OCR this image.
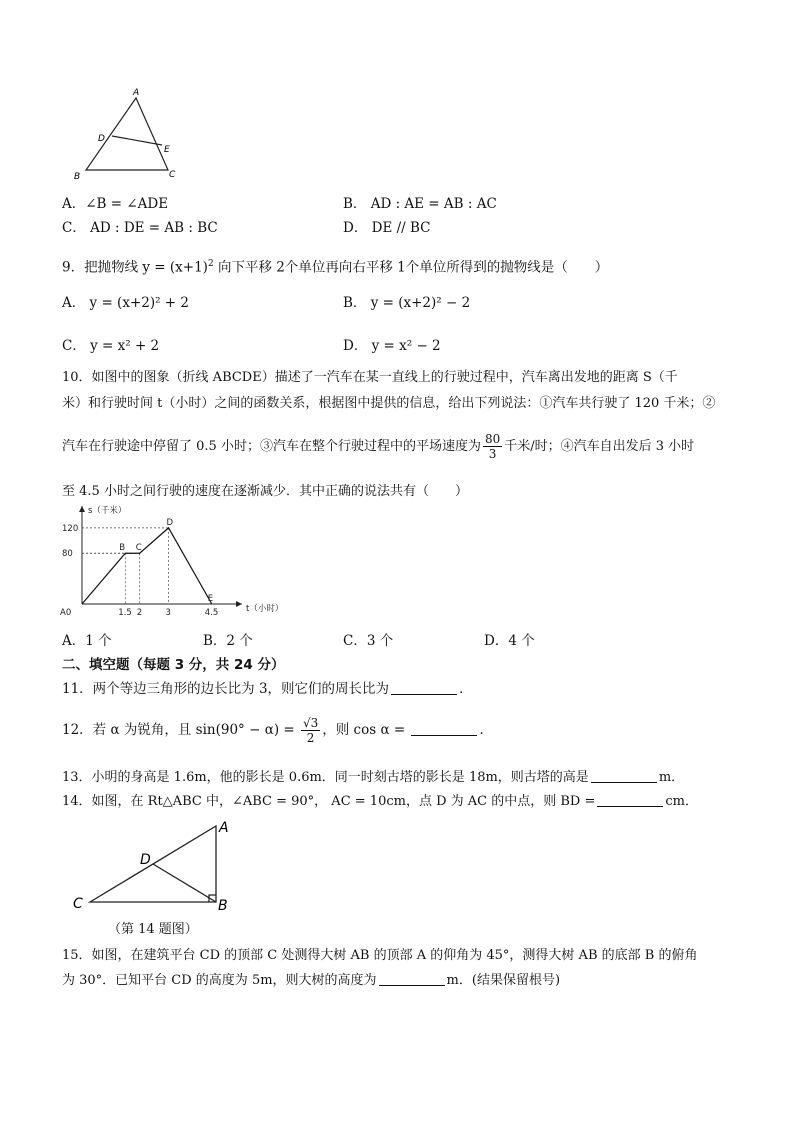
A
B	C
D
E
A．∠B = ∠ADE	B． AD : AE = AB : AC
C． AD : DE = AB : BC	D． DE // BC
9．把抛物线 $y = (x+1)^2$ 向下平移 2个单位再向右平移 1个单位所得到的抛物线是（　　）
A． y = (x+2)² + 2	B． y = (x+2)² − 2
C． y = x² + 2	D． y = x² − 2
10．如图中的图象（折线 ABCDE）描述了一汽车在某一直线上的行驶过程中，汽车离出发地的距离 S（千
米）和行驶时间 t（小时）之间的函数关系，根据图中提供的信息，给出下列说法：①汽车共行驶了 120 千米；②
汽车在行驶途中停留了 0.5 小时；③汽车在整个行驶过程中的平场速度为 $\frac{80}{3}$ 千米/时；④汽车自出发后 3 小时
至 4.5 小时之间行驶的速度在逐渐减少．其中正确的说法共有（　　）
t（小时）
s（千米）
1.5 2	3	4.5
80
120
A0
B C
D
E
A．1 个	B．2 个	C．3 个	D．4 个
二、填空题（每题 3 分，共 24 分）
11．两个等边三角形的边长比为 3，则它们的周长比为	．
12．若 α 为锐角，且 $\sin(90^\circ - \alpha) = \frac{√3}{2}$ ，则 cos α =	．
13．小明的身高是 1.6m，他的影长是 0.6m．同一时刻古塔的影长是 18m，则古塔的高是	m．
14．如图，在 Rt△ABC 中，∠ABC = 90°， AC = 10cm，点 D 为 AC 的中点，则 BD =	cm．
A
B
C
D
（第 14 题图）
15．如图，在建筑平台 CD 的顶部 C 处测得大树 AB 的顶部 A 的仰角为 45°，测得大树 AB 的底部 B 的俯角
为 30°．已知平台 CD 的高度为 5m，则大树的高度为	m．(结果保留根号)
